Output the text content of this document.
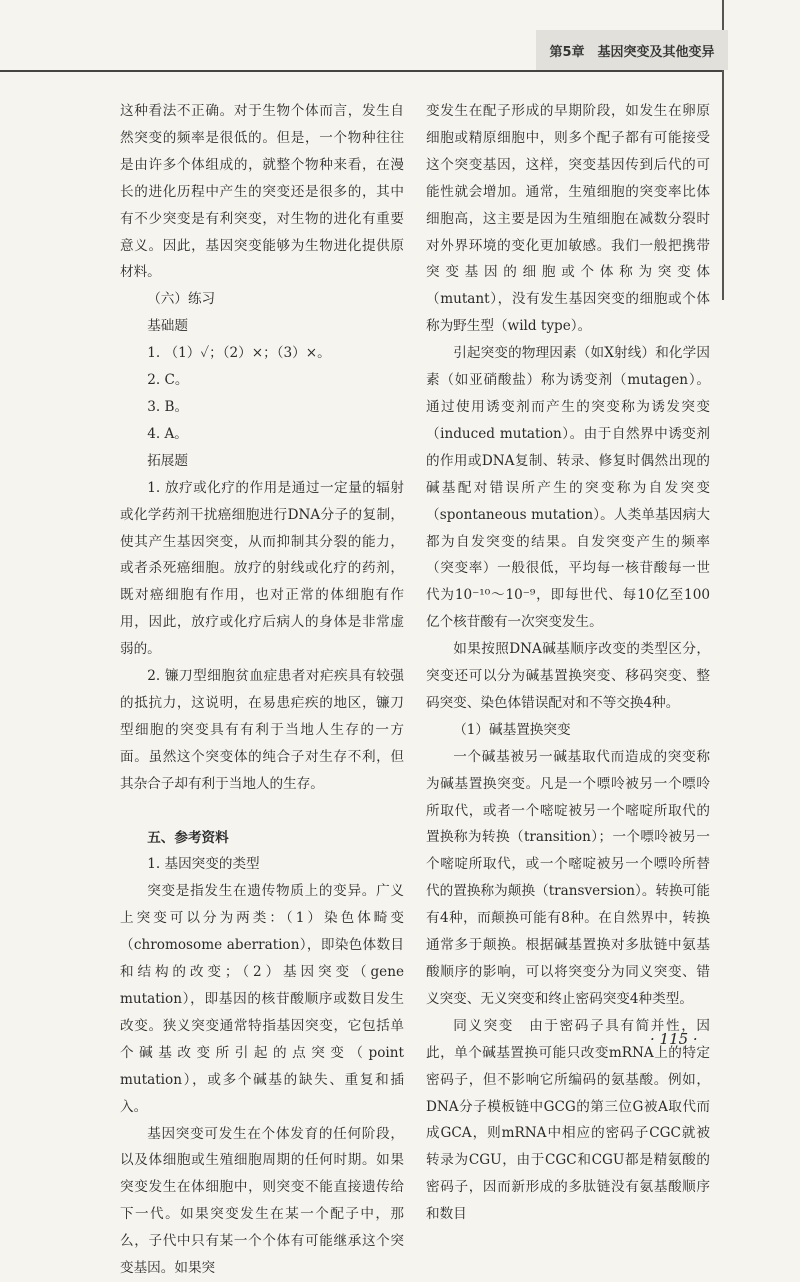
第5章　基因突变及其他变异

这种看法不正确。对于生物个体而言，发生自然突变的频率是很低的。但是，一个物种往往是由许多个体组成的，就整个物种来看，在漫长的进化历程中产生的突变还是很多的，其中有不少突变是有利突变，对生物的进化有重要意义。因此，基因突变能够为生物进化提供原材料。

（六）练习

基础题

1. （1）✓；（2）×；（3）×。

2. C。

3. B。

4. A。

拓展题

1. 放疗或化疗的作用是通过一定量的辐射或化学药剂干扰癌细胞进行DNA分子的复制，使其产生基因突变，从而抑制其分裂的能力，或者杀死癌细胞。放疗的射线或化疗的药剂，既对癌细胞有作用，也对正常的体细胞有作用，因此，放疗或化疗后病人的身体是非常虚弱的。

2. 镰刀型细胞贫血症患者对疟疾具有较强的抵抗力，这说明，在易患疟疾的地区，镰刀型细胞的突变具有有利于当地人生存的一方面。虽然这个突变体的纯合子对生存不利，但其杂合子却有利于当地人的生存。

五、参考资料

1. 基因突变的类型

突变是指发生在遗传物质上的变异。广义上突变可以分为两类：（1）染色体畸变（chromosome aberration），即染色体数目和结构的改变；（2）基因突变（gene mutation），即基因的核苷酸顺序或数目发生改变。狭义突变通常特指基因突变，它包括单个碱基改变所引起的点突变（point mutation），或多个碱基的缺失、重复和插入。

基因突变可发生在个体发育的任何阶段，以及体细胞或生殖细胞周期的任何时期。如果突变发生在体细胞中，则突变不能直接遗传给下一代。如果突变发生在某一个配子中，那么，子代中只有某一个个体有可能继承这个突变基因。如果突

变发生在配子形成的早期阶段，如发生在卵原细胞或精原细胞中，则多个配子都有可能接受这个突变基因，这样，突变基因传到后代的可能性就会增加。通常，生殖细胞的突变率比体细胞高，这主要是因为生殖细胞在减数分裂时对外界环境的变化更加敏感。我们一般把携带突变基因的细胞或个体称为突变体（mutant），没有发生基因突变的细胞或个体称为野生型（wild type）。

引起突变的物理因素（如X射线）和化学因素（如亚硝酸盐）称为诱变剂（mutagen）。通过使用诱变剂而产生的突变称为诱发突变（induced mutation）。由于自然界中诱变剂的作用或DNA复制、转录、修复时偶然出现的碱基配对错误所产生的突变称为自发突变（spontaneous mutation）。人类单基因病大都为自发突变的结果。自发突变产生的频率（突变率）一般很低，平均每一核苷酸每一世代为10⁻¹⁰～10⁻⁹，即每世代、每10亿至100亿个核苷酸有一次突变发生。

如果按照DNA碱基顺序改变的类型区分，突变还可以分为碱基置换突变、移码突变、整码突变、染色体错误配对和不等交换4种。

（1）碱基置换突变

一个碱基被另一碱基取代而造成的突变称为碱基置换突变。凡是一个嘌呤被另一个嘌呤所取代，或者一个嘧啶被另一个嘧啶所取代的置换称为转换（transition）；一个嘌呤被另一个嘧啶所取代，或一个嘧啶被另一个嘌呤所替代的置换称为颠换（transversion）。转换可能有4种，而颠换可能有8种。在自然界中，转换通常多于颠换。根据碱基置换对多肽链中氨基酸顺序的影响，可以将突变分为同义突变、错义突变、无义突变和终止密码突变4种类型。

同义突变　由于密码子具有简并性，因此，单个碱基置换可能只改变mRNA上的特定密码子，但不影响它所编码的氨基酸。例如，DNA分子模板链中GCG的第三位G被A取代而成GCA，则mRNA中相应的密码子CGC就被转录为CGU，由于CGC和CGU都是精氨酸的密码子，因而新形成的多肽链没有氨基酸顺序和数目

· 115 ·
